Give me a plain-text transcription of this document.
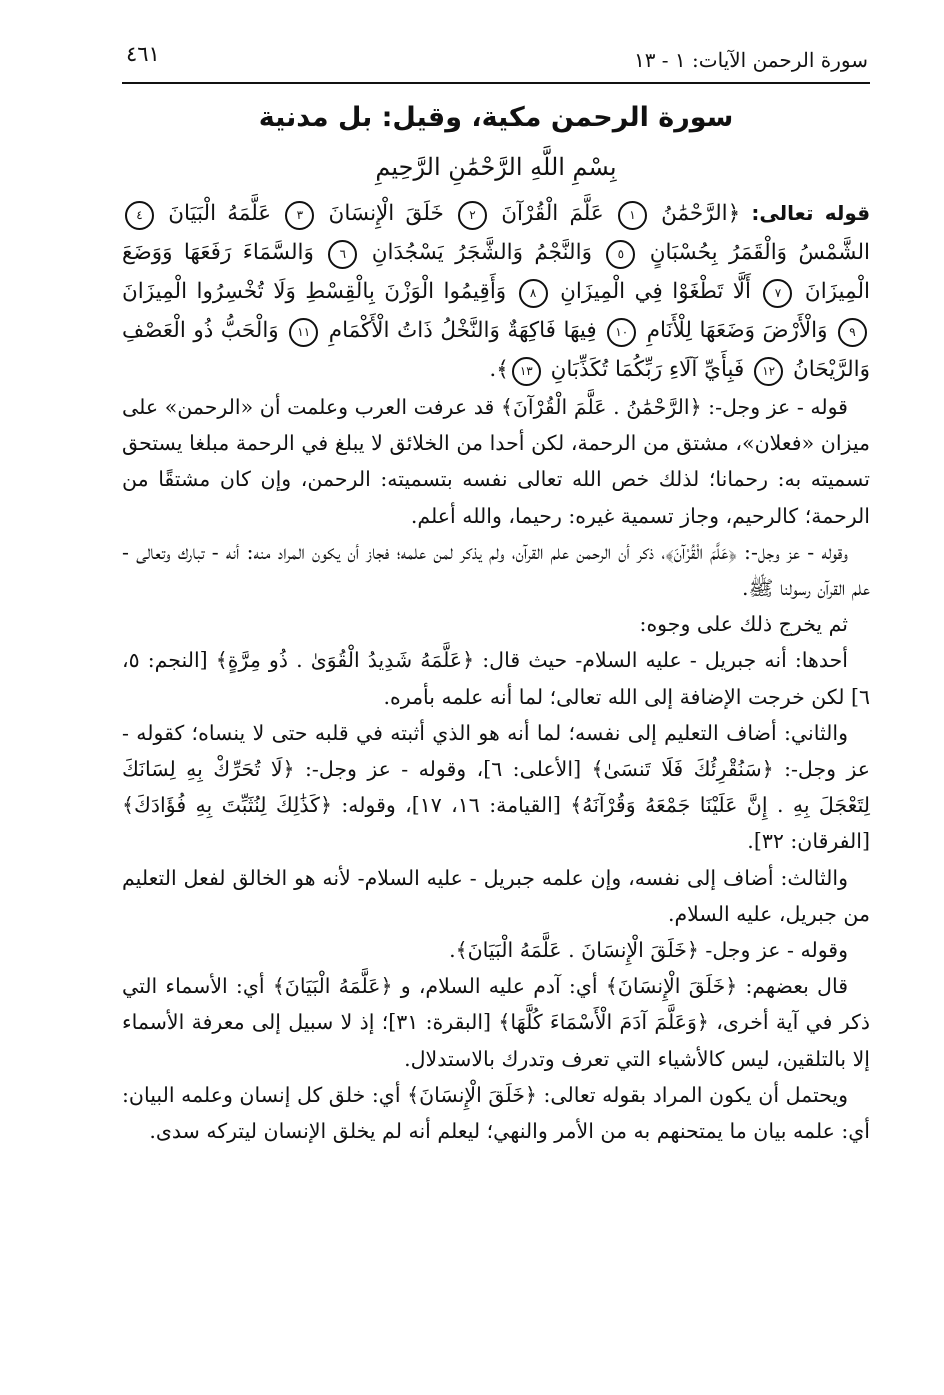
سورة الرحمن الآيات: ١ - ١٣
٤٦١
سورة الرحمن مكية، وقيل: بل مدنية
بِسْمِ اللَّهِ الرَّحْمَٰنِ الرَّحِيمِ
قوله تعالى: ﴿الرَّحْمَٰنُ ١ عَلَّمَ الْقُرْآنَ ٢ خَلَقَ الْإِنسَانَ ٣ عَلَّمَهُ الْبَيَانَ ٤ الشَّمْسُ وَالْقَمَرُ بِحُسْبَانٍ ٥ وَالنَّجْمُ وَالشَّجَرُ يَسْجُدَانِ ٦ وَالسَّمَاءَ رَفَعَهَا وَوَضَعَ الْمِيزَانَ ٧ أَلَّا تَطْغَوْا فِي الْمِيزَانِ ٨ وَأَقِيمُوا الْوَزْنَ بِالْقِسْطِ وَلَا تُخْسِرُوا الْمِيزَانَ ٩ وَالْأَرْضَ وَضَعَهَا لِلْأَنَامِ ١٠ فِيهَا فَاكِهَةٌ وَالنَّخْلُ ذَاتُ الْأَكْمَامِ ١١ وَالْحَبُّ ذُو الْعَصْفِ وَالرَّيْحَانُ ١٢ فَبِأَيِّ آلَاءِ رَبِّكُمَا تُكَذِّبَانِ ١٣﴾.

قوله - عز وجل-: ﴿الرَّحْمَٰنُ . عَلَّمَ الْقُرْآنَ﴾ قد عرفت العرب وعلمت أن «الرحمن» على ميزان «فعلان»، مشتق من الرحمة، لكن أحدا من الخلائق لا يبلغ في الرحمة مبلغا يستحق تسميته به: رحمانا؛ لذلك خص الله تعالى نفسه بتسميته: الرحمن، وإن كان مشتقًا من الرحمة؛ كالرحيم، وجاز تسمية غيره: رحيما، والله أعلم.

وقوله - عز وجل-: ﴿عَلَّمَ الْقُرْآنَ﴾، ذكر أن الرحمن علم القرآن، ولم يذكر لمن علمه؛ فجاز أن يكون المراد منه: أنه - تبارك وتعالى - علم القرآن رسولنا ﷺ.

ثم يخرج ذلك على وجوه:

أحدها: أنه جبريل - عليه السلام- حيث قال: ﴿عَلَّمَهُ شَدِيدُ الْقُوَىٰ . ذُو مِرَّةٍ﴾ [النجم: ٥، ٦] لكن خرجت الإضافة إلى الله تعالى؛ لما أنه علمه بأمره.

والثاني: أضاف التعليم إلى نفسه؛ لما أنه هو الذي أثبته في قلبه حتى لا ينساه؛ كقوله - عز وجل-: ﴿سَنُقْرِئُكَ فَلَا تَنسَىٰ﴾ [الأعلى: ٦]، وقوله - عز وجل-: ﴿لَا تُحَرِّكْ بِهِ لِسَانَكَ لِتَعْجَلَ بِهِ . إِنَّ عَلَيْنَا جَمْعَهُ وَقُرْآنَهُ﴾ [القيامة: ١٦، ١٧]، وقوله: ﴿كَذَٰلِكَ لِنُثَبِّتَ بِهِ فُؤَادَكَ﴾ [الفرقان: ٣٢].

والثالث: أضاف إلى نفسه، وإن علمه جبريل - عليه السلام- لأنه هو الخالق لفعل التعليم من جبريل، عليه السلام.

وقوله - عز وجل- ﴿خَلَقَ الْإِنسَانَ . عَلَّمَهُ الْبَيَانَ﴾.

قال بعضهم: ﴿خَلَقَ الْإِنسَانَ﴾ أي: آدم عليه السلام، و ﴿عَلَّمَهُ الْبَيَانَ﴾ أي: الأسماء التي ذكر في آية أخرى، ﴿وَعَلَّمَ آدَمَ الْأَسْمَاءَ كُلَّهَا﴾ [البقرة: ٣١]؛ إذ لا سبيل إلى معرفة الأسماء إلا بالتلقين، ليس كالأشياء التي تعرف وتدرك بالاستدلال.

ويحتمل أن يكون المراد بقوله تعالى: ﴿خَلَقَ الْإِنسَانَ﴾ أي: خلق كل إنسان وعلمه البيان: أي: علمه بيان ما يمتحنهم به من الأمر والنهي؛ ليعلم أنه لم يخلق الإنسان ليتركه سدى.
